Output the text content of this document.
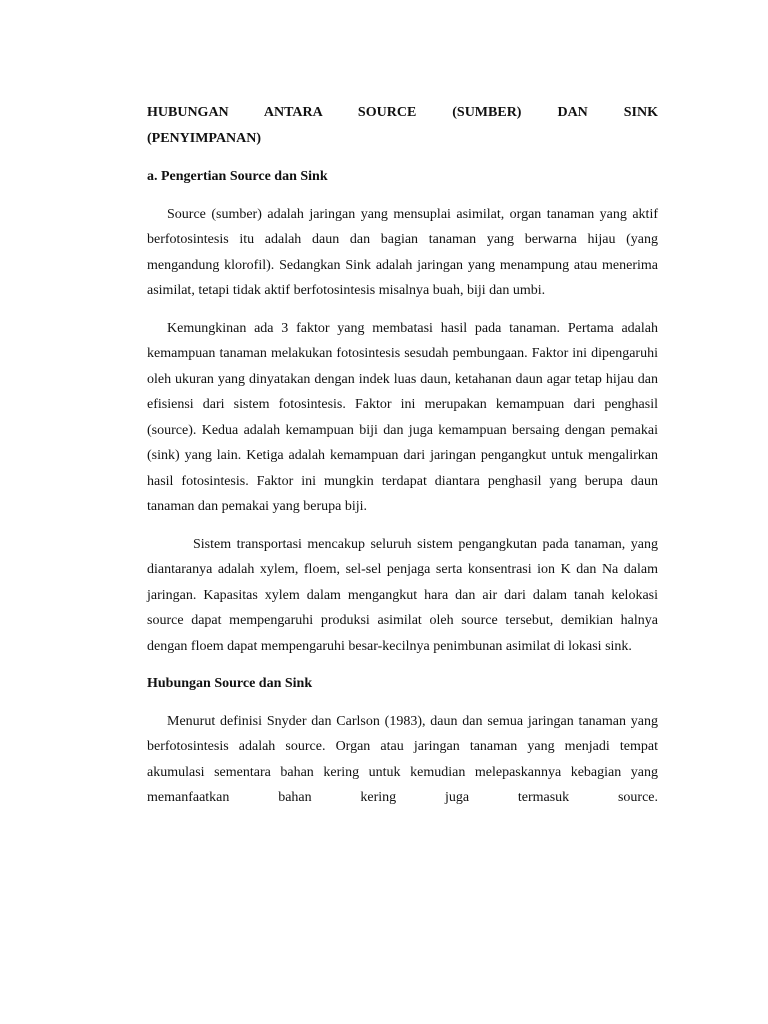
HUBUNGAN ANTARA SOURCE (SUMBER) DAN SINK

(PENYIMPANAN)

a. Pengertian Source dan Sink

Source (sumber) adalah jaringan yang mensuplai asimilat, organ tanaman yang aktif berfotosintesis itu adalah daun dan bagian tanaman yang berwarna hijau (yang mengandung klorofil). Sedangkan Sink adalah jaringan yang menampung atau menerima asimilat, tetapi tidak aktif berfotosintesis misalnya buah, biji dan umbi.

Kemungkinan ada 3 faktor yang membatasi hasil pada tanaman. Pertama adalah kemampuan tanaman melakukan fotosintesis sesudah pembungaan. Faktor ini dipengaruhi oleh ukuran yang dinyatakan dengan indek luas daun, ketahanan daun agar tetap hijau dan efisiensi dari sistem fotosintesis. Faktor ini merupakan kemampuan dari penghasil (source). Kedua adalah kemampuan biji dan juga kemampuan bersaing dengan pemakai (sink) yang lain. Ketiga adalah kemampuan dari jaringan pengangkut untuk mengalirkan hasil fotosintesis. Faktor ini mungkin terdapat diantara penghasil yang berupa daun tanaman dan pemakai yang berupa biji.

Sistem transportasi mencakup seluruh sistem pengangkutan pada tanaman, yang diantaranya adalah xylem, floem, sel-sel penjaga serta konsentrasi ion K dan Na dalam jaringan. Kapasitas xylem dalam mengangkut hara dan air dari dalam tanah kelokasi source dapat mempengaruhi produksi asimilat oleh source tersebut, demikian halnya dengan floem dapat mempengaruhi besar-kecilnya penimbunan asimilat di lokasi sink.

Hubungan Source dan Sink

Menurut definisi Snyder dan Carlson (1983), daun dan semua jaringan tanaman yang berfotosintesis adalah source. Organ atau jaringan tanaman yang menjadi tempat akumulasi sementara bahan kering untuk kemudian melepaskannya kebagian yang memanfaatkan bahan kering juga termasuk source.
